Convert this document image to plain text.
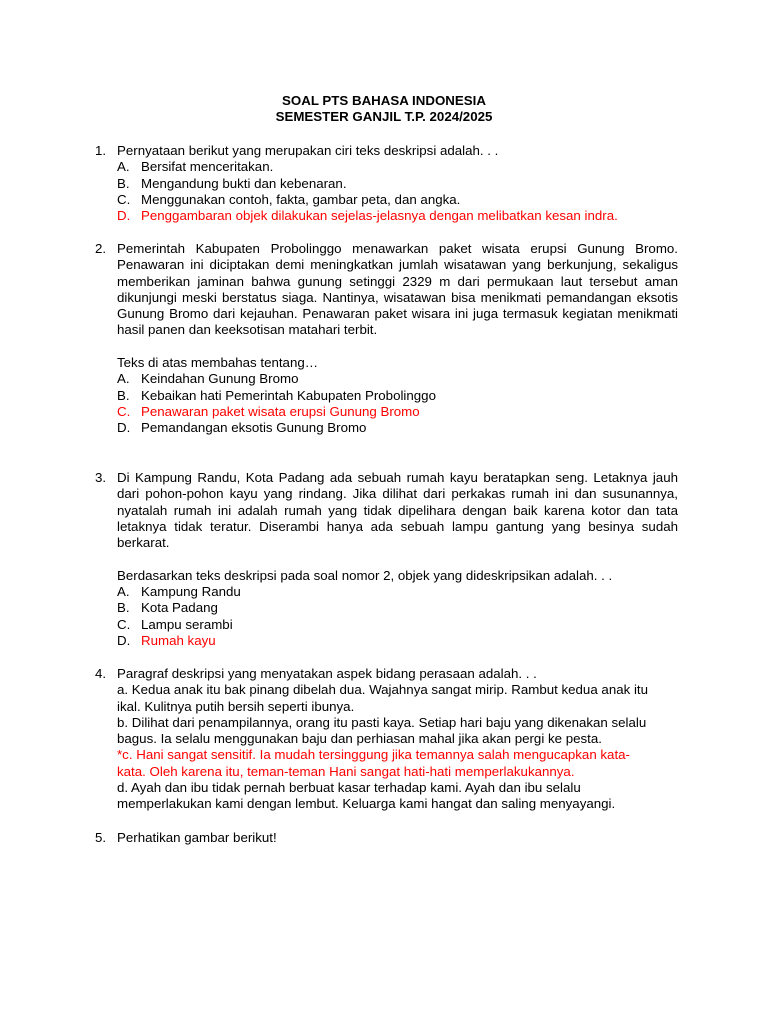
SOAL PTS BAHASA INDONESIA
SEMESTER GANJIL T.P. 2024/2025
1. Pernyataan berikut yang merupakan ciri teks deskripsi adalah. . .
A. Bersifat menceritakan.
B. Mengandung bukti dan kebenaran.
C. Menggunakan contoh, fakta, gambar peta, dan angka.
D. Penggambaran objek dilakukan sejelas-jelasnya dengan melibatkan kesan indra.
2. Pemerintah Kabupaten Probolinggo menawarkan paket wisata erupsi Gunung Bromo. Penawaran ini diciptakan demi meningkatkan jumlah wisatawan yang berkunjung, sekaligus memberikan jaminan bahwa gunung setinggi 2329 m dari permukaan laut tersebut aman dikunjungi meski berstatus siaga. Nantinya, wisatawan bisa menikmati pemandangan eksotis Gunung Bromo dari kejauhan. Penawaran paket wisara ini juga termasuk kegiatan menikmati hasil panen dan keeksotisan matahari terbit.
Teks di atas membahas tentang…
A. Keindahan Gunung Bromo
B. Kebaikan hati Pemerintah Kabupaten Probolinggo
C. Penawaran paket wisata erupsi Gunung Bromo
D. Pemandangan eksotis Gunung Bromo
3. Di Kampung Randu, Kota Padang ada sebuah rumah kayu beratapkan seng. Letaknya jauh dari pohon-pohon kayu yang rindang. Jika dilihat dari perkakas rumah ini dan susunannya, nyatalah rumah ini adalah rumah yang tidak dipelihara dengan baik karena kotor dan tata letaknya tidak teratur. Diserambi hanya ada sebuah lampu gantung yang besinya sudah berkarat.
Berdasarkan teks deskripsi pada soal nomor 2, objek yang dideskripsikan adalah. . .
A. Kampung Randu
B. Kota Padang
C. Lampu serambi
D. Rumah kayu
4. Paragraf deskripsi yang menyatakan aspek bidang perasaan adalah. . .
a. Kedua anak itu bak pinang dibelah dua. Wajahnya sangat mirip. Rambut kedua anak itu
ikal. Kulitnya putih bersih seperti ibunya.
b. Dilihat dari penampilannya, orang itu pasti kaya. Setiap hari baju yang dikenakan selalu
bagus. Ia selalu menggunakan baju dan perhiasan mahal jika akan pergi ke pesta.
*c. Hani sangat sensitif. Ia mudah tersinggung jika temannya salah mengucapkan kata-
kata. Oleh karena itu, teman-teman Hani sangat hati-hati memperlakukannya.
d. Ayah dan ibu tidak pernah berbuat kasar terhadap kami. Ayah dan ibu selalu
memperlakukan kami dengan lembut. Keluarga kami hangat dan saling menyayangi.
5. Perhatikan gambar berikut!
